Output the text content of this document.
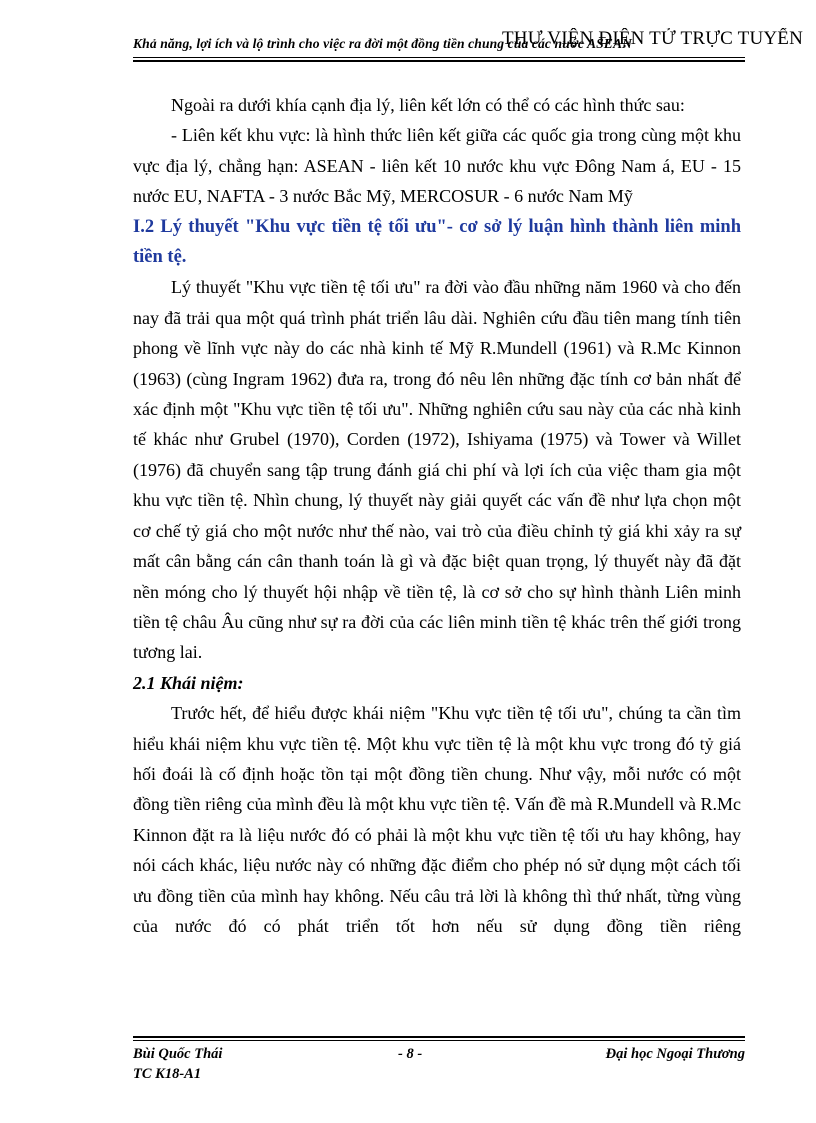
Khả năng, lợi ích và lộ trình cho việc ra đời một đồng tiền chung của các nước ASEAN
THƯ VIỆN ĐIỆN TỬ TRỰC TUYẾN

Ngoài ra dưới khía cạnh địa lý, liên kết lớn có thể có các hình thức sau:

- Liên kết khu vực: là hình thức liên kết giữa các quốc gia trong cùng một khu vực địa lý, chẳng hạn: ASEAN - liên kết 10 nước khu vực Đông Nam á, EU - 15 nước EU, NAFTA - 3 nước Bắc Mỹ, MERCOSUR - 6 nước Nam Mỹ

I.2 Lý thuyết "Khu vực tiền tệ tối ưu"- cơ sở lý luận hình thành liên minh tiền tệ.

Lý thuyết "Khu vực tiền tệ tối ưu" ra đời vào đầu những năm 1960 và cho đến nay đã trải qua một quá trình phát triển lâu dài. Nghiên cứu đầu tiên mang tính tiên phong về lĩnh vực này do các nhà kinh tế Mỹ R.Mundell (1961) và R.Mc Kinnon (1963) (cùng Ingram 1962) đưa ra, trong đó nêu lên những đặc tính cơ bản nhất để xác định một "Khu vực tiền tệ tối ưu". Những nghiên cứu sau này của các nhà kinh tế khác như Grubel (1970), Corden (1972), Ishiyama (1975) và Tower và Willet (1976) đã chuyển sang tập trung đánh giá chi phí và lợi ích của việc tham gia một khu vực tiền tệ. Nhìn chung, lý thuyết này giải quyết các vấn đề như lựa chọn một cơ chế tỷ giá cho một nước như thế nào, vai trò của điều chỉnh tỷ giá khi xảy ra sự mất cân bằng cán cân thanh toán là gì và đặc biệt quan trọng, lý thuyết này đã đặt nền móng cho lý thuyết hội nhập về tiền tệ, là cơ sở cho sự hình thành Liên minh tiền tệ châu Âu cũng như sự ra đời của các liên minh tiền tệ khác trên thế giới trong tương lai.

2.1 Khái niệm:

Trước hết, để hiểu được khái niệm "Khu vực tiền tệ tối ưu", chúng ta cần tìm hiểu khái niệm khu vực tiền tệ. Một khu vực tiền tệ là một khu vực trong đó tỷ giá hối đoái là cố định hoặc tồn tại một đồng tiền chung. Như vậy, mỗi nước có một đồng tiền riêng của mình đều là một khu vực tiền tệ. Vấn đề mà R.Mundell và R.Mc Kinnon đặt ra là liệu nước đó có phải là một khu vực tiền tệ tối ưu hay không, hay nói cách khác, liệu nước này có những đặc điểm cho phép nó sử dụng một cách tối ưu đồng tiền của mình hay không. Nếu câu trả lời là không thì thứ nhất, từng vùng của nước đó có phát triển tốt hơn nếu sử dụng đồng tiền riêng

Bùi Quốc Thái
TC K18-A1
- 8 -	Đại học Ngoại Thương
